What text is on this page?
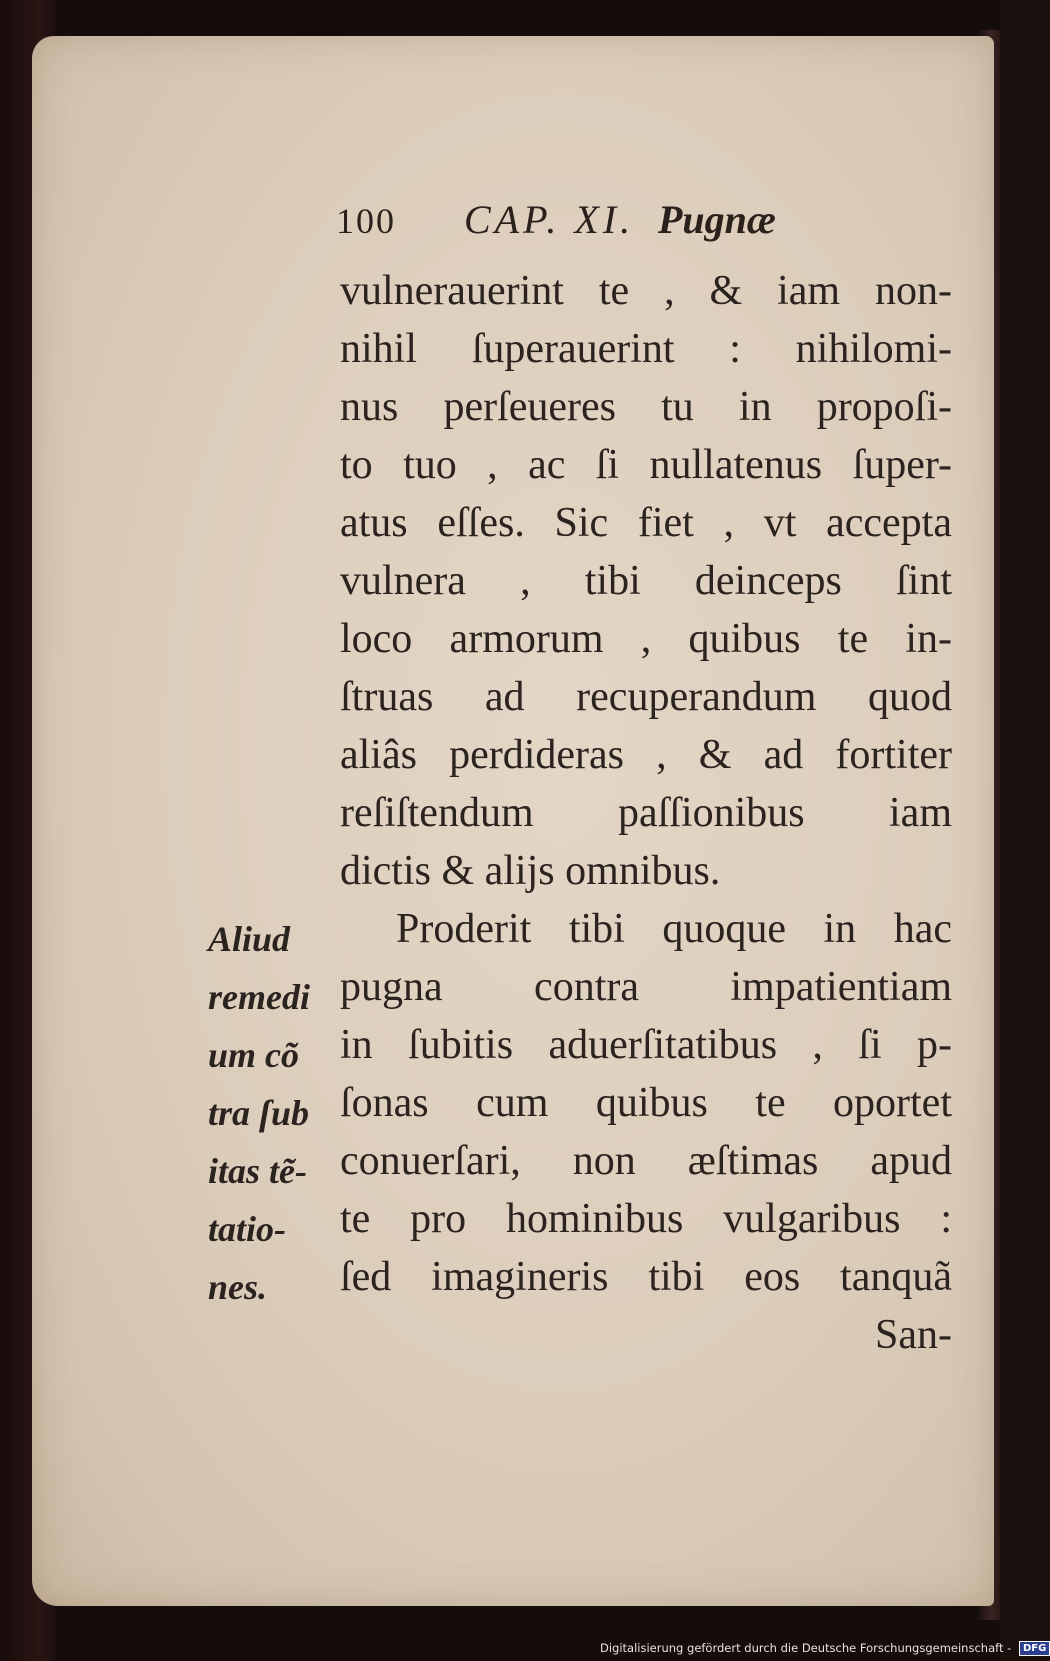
100 CAP. XI. Pugnæ
vulnerauerint te , & iam non-
nihil ſuperauerint : nihilomi-
nus perſeueres tu in propoſi-
to tuo , ac ſi nullatenus ſuper-
atus eſſes. Sic fiet , vt accepta
vulnera , tibi deinceps ſint
loco armorum , quibus te in-
ſtruas ad recuperandum quod
aliâs perdideras , & ad fortiter
reſiſtendum paſſionibus iam
dictis & alijs omnibus.
Proderit tibi quoque in hac
pugna contra impatientiam
in ſubitis aduerſitatibus , ſi p-
ſonas cum quibus te oportet
conuerſari, non æſtimas apud
te pro hominibus vulgaribus :
ſed imagineris tibi eos tanquã
San-
Aliud
remedi
um cõ
tra ſub
itas tẽ-
tatio-
nes.
Digitalisierung gefördert durch die Deutsche Forschungsgemeinschaft - DFG
